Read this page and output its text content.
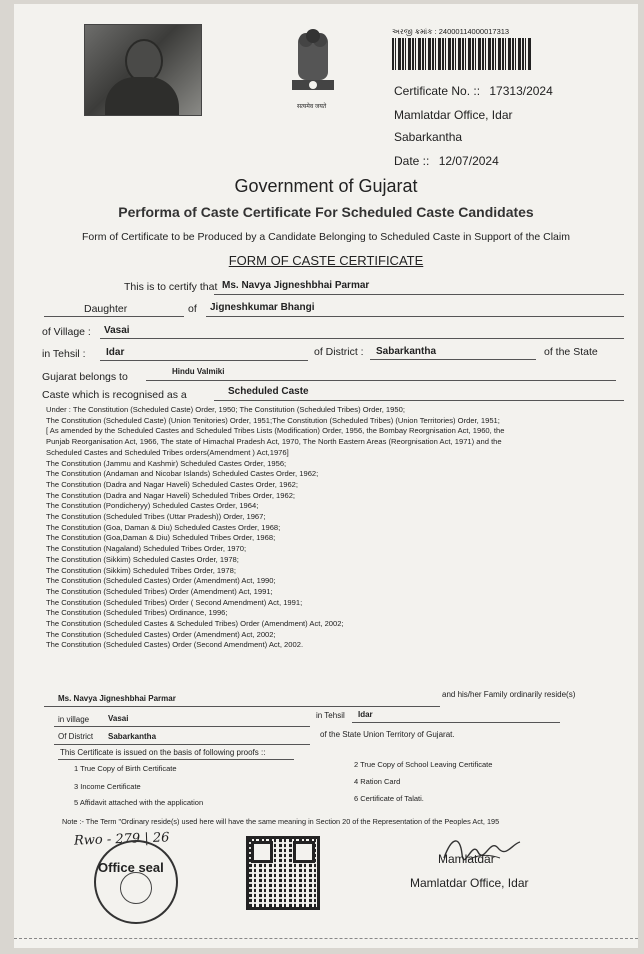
सत्यमेव जयते
અરજી ક્રમાંક : 24000114000017313
Certificate No. :: 17313/2024
Mamlatdar Office, Idar
Sabarkantha
Date :: 12/07/2024
Government of Gujarat
Performa of Caste Certificate For Scheduled Caste Candidates
Form of Certificate to be Produced by a Candidate Belonging to Scheduled Caste in Support of the Claim
FORM OF CASTE CERTIFICATE
This is to certify that Ms. Navya Jigneshbhai Parmar
Daughter	of Jigneshkumar Bhangi
of Village : Vasai
in Tehsil : Idar	of District : Sabarkantha	of the State
Gujarat belongs to	Hindu Valmiki
Caste which is recognised as a	Scheduled Caste
Under : The Constitution (Scheduled Caste) Order, 1950; The Constitution (Scheduled Tribes) Order, 1950;
The Constitution (Scheduled Caste) (Union Tenitories) Order, 1951;The Constitution (Scheduled Tribes) (Union Territories) Order, 1951;
[ As amended by the Scheduled Castes and Scheduled Tribes Lists (Modification) Order, 1956, the Bombay Reorgnisation Act, 1960, the
Punjab Reorganisation Act, 1966, The state of Himachal Pradesh Act, 1970, The North Eastern Areas (Reorgnisation Act, 1971) and the
Scheduled Castes and Scheduled Tribes orders(Amendment ) Act,1976]
The Constitution (Jammu and Kashmir) Scheduled Castes Order, 1956;
The Constitution (Andaman and Nicobar Islands) Scheduled Castes Order, 1962;
The Constitution (Dadra and Nagar Haveli) Scheduled Castes Order, 1962;
The Constitution (Dadra and Nagar Haveli) Scheduled Tribes Order, 1962;
The Constitution (Pondicheryy) Scheduled Castes Order, 1964;
The Constitution (Scheduled Tribes (Uttar Pradesh)) Order, 1967;
The Constitution (Goa, Daman & Diu) Scheduled Castes Order, 1968;
The Constitution (Goa,Daman & Diu) Scheduled Tribes Order, 1968;
The Constitution (Nagaland) Scheduled Tribes Order, 1970;
The Constitution (Sikkim) Scheduled Castes Order, 1978;
The Constitution (Sikkim) Scheduled Tribes Order, 1978;
The Constitution (Scheduled Castes) Order (Amendment) Act, 1990;
The Constitution (Scheduled Tribes) Order (Amendment) Act, 1991;
The Constitution (Scheduled Tribes) Order ( Second Amendment) Act, 1991;
The Constitution (Scheduled Tribes) Ordinance, 1996;
The Constitution (Scheduled Castes & Scheduled Tribes) Order (Amendment) Act, 2002;
The Constitution (Scheduled Castes) Order (Amendment) Act, 2002;
The Constitution (Scheduled Castes) Order (Second Amendment) Act, 2002.
Ms. Navya Jigneshbhai Parmar	and his/her Family ordinarily reside(s)
in village Vasai	in Tehsil Idar
Of District Sabarkantha	of the State Union Territory of Gujarat.
This Certificate is issued on the basis of following proofs ::
1 True Copy of Birth Certificate	2 True Copy of School Leaving Certificate
3 Income Certificate
4 Ration Card
5 Affidavit attached with the application	6 Certificate of Talati.
Note :- The Term "Ordinary reside(s) used here will have the same meaning in Section 20 of the Representation of the Peoples Act, 195
Rwo - 279 | 26
Office seal
Mamlatdar
Mamlatdar Office, Idar
